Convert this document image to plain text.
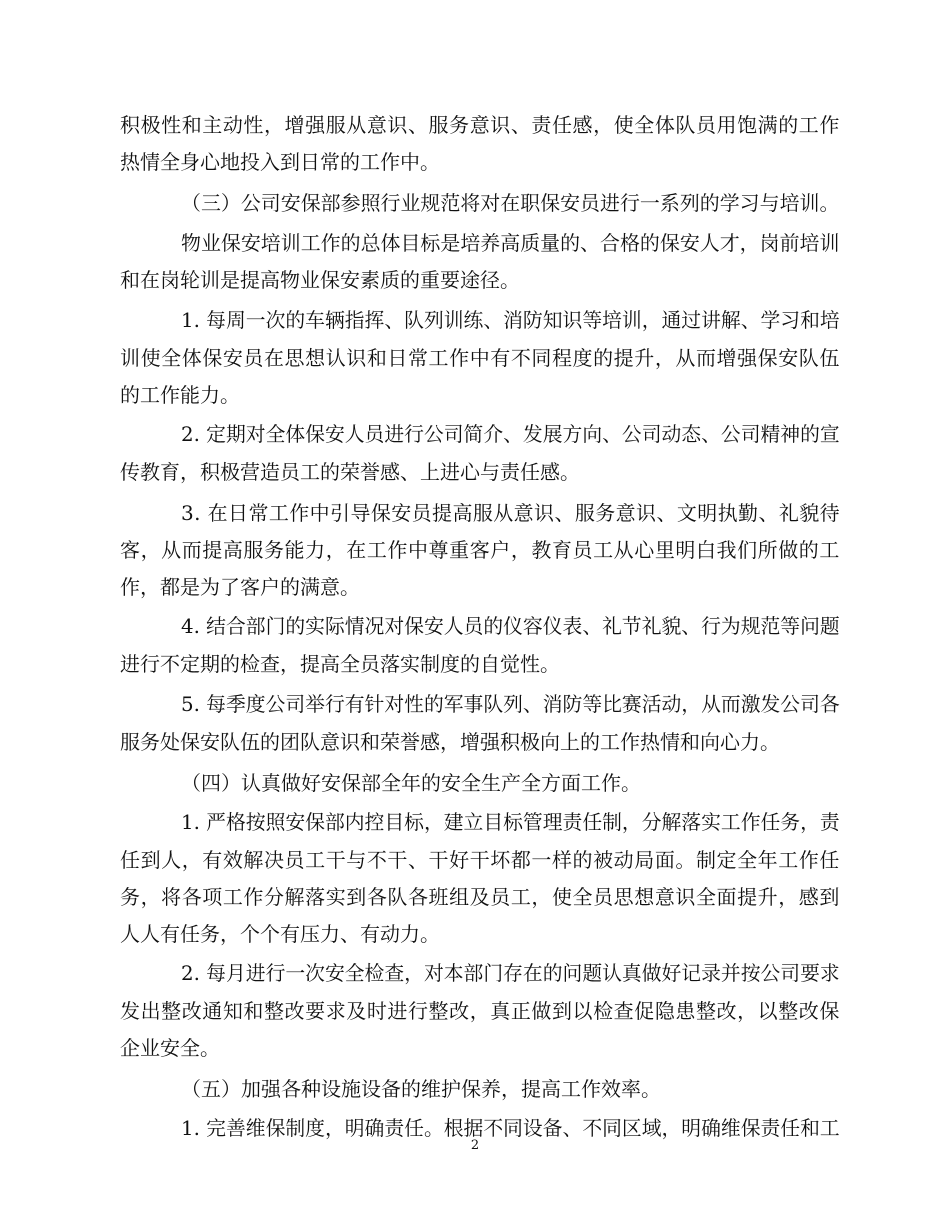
积极性和主动性，增强服从意识、服务意识、责任感，使全体队员用饱满的工作
热情全身心地投入到日常的工作中。
（三）公司安保部参照行业规范将对在职保安员进行一系列的学习与培训。
物业保安培训工作的总体目标是培养高质量的、合格的保安人才，岗前培训
和在岗轮训是提高物业保安素质的重要途径。
1. 每周一次的车辆指挥、队列训练、消防知识等培训，通过讲解、学习和培
训使全体保安员在思想认识和日常工作中有不同程度的提升，从而增强保安队伍
的工作能力。
2. 定期对全体保安人员进行公司简介、发展方向、公司动态、公司精神的宣
传教育，积极营造员工的荣誉感、上进心与责任感。
3. 在日常工作中引导保安员提高服从意识、服务意识、文明执勤、礼貌待
客，从而提高服务能力，在工作中尊重客户，教育员工从心里明白我们所做的工
作，都是为了客户的满意。
4. 结合部门的实际情况对保安人员的仪容仪表、礼节礼貌、行为规范等问题
进行不定期的检查，提高全员落实制度的自觉性。
5. 每季度公司举行有针对性的军事队列、消防等比赛活动，从而激发公司各
服务处保安队伍的团队意识和荣誉感，增强积极向上的工作热情和向心力。
（四）认真做好安保部全年的安全生产全方面工作。
1. 严格按照安保部内控目标，建立目标管理责任制，分解落实工作任务，责
任到人，有效解决员工干与不干、干好干坏都一样的被动局面。制定全年工作任
务，将各项工作分解落实到各队各班组及员工，使全员思想意识全面提升，感到
人人有任务，个个有压力、有动力。
2. 每月进行一次安全检查，对本部门存在的问题认真做好记录并按公司要求
发出整改通知和整改要求及时进行整改，真正做到以检查促隐患整改，以整改保
企业安全。
（五）加强各种设施设备的维护保养，提高工作效率。
1. 完善维保制度，明确责任。根据不同设备、不同区域，明确维保责任和工
2
